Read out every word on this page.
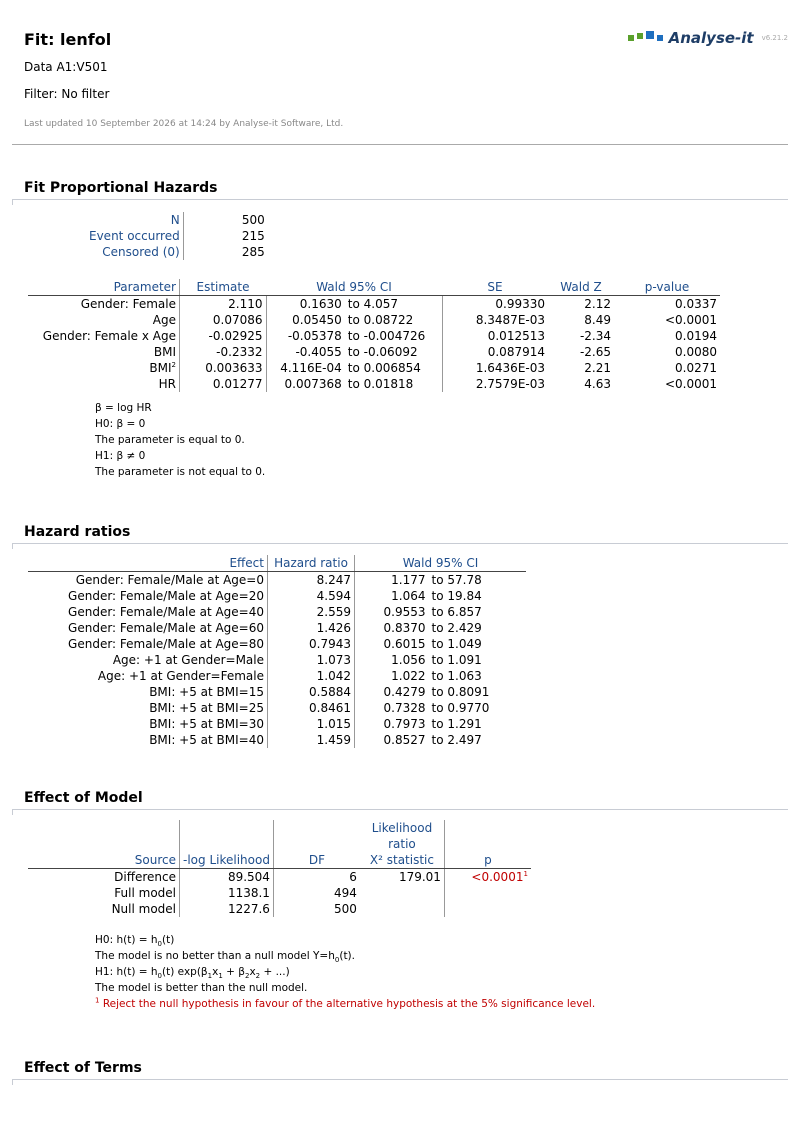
Fit: lenfol
Data A1:V501
Filter: No filter
Last updated 10 September 2026 at 14:24 by Analyse-it Software, Ltd.
Analyse-it v6.21.2
Fit Proportional Hazards
N	500
Event occurred	215
Censored (0)	285
Parameter	Estimate	Wald 95% CI		SE	Wald Z	p-value
Gender: Female	2.110	0.1630	to 4.057	0.99330	2.12	0.0337
Age	0.07086	0.05450	to 0.08722	8.3487E-03	8.49	<0.0001
Gender: Female x Age	-0.02925	-0.05378	to -0.004726	0.012513	-2.34	0.0194
BMI	-0.2332	-0.4055	to -0.06092	0.087914	-2.65	0.0080
BMI$^2$	0.003633	4.116E-04	to 0.006854	1.6436E-03	2.21	0.0271
HR	0.01277	0.007368	to 0.01818	2.7579E-03	4.63	<0.0001
β = log HR
H0: β = 0
The parameter is equal to 0.
H1: β ≠ 0
The parameter is not equal to 0.
Hazard ratios
Effect	Hazard ratio	Wald 95% CI	
Gender: Female/Male at Age=0	8.247	1.177	to 57.78
Gender: Female/Male at Age=20	4.594	1.064	to 19.84
Gender: Female/Male at Age=40	2.559	0.9553	to 6.857
Gender: Female/Male at Age=60	1.426	0.8370	to 2.429
Gender: Female/Male at Age=80	0.7943	0.6015	to 1.049
Age: +1 at Gender=Male	1.073	1.056	to 1.091
Age: +1 at Gender=Female	1.042	1.022	to 1.063
BMI: +5 at BMI=15	0.5884	0.4279	to 0.8091
BMI: +5 at BMI=25	0.8461	0.7328	to 0.9770
BMI: +5 at BMI=30	1.015	0.7973	to 1.291
BMI: +5 at BMI=40	1.459	0.8527	to 2.497
Effect of Model
			Likelihood	
			ratio	
Source	-log Likelihood	DF	X² statistic	p
Difference	89.504	6	179.01	$<0.0001^1$
Full model	1138.1	494		
Null model	1227.6	500		
H0: $h(t) = h_0(t)$
The model is no better than a null model $Y=h_0(t)$.
H1: $h(t) = h_0(t) \exp(\beta_1x_1 + \beta_2x_2$ + ...)
The model is better than the null model.
$^1$ Reject the null hypothesis in favour of the alternative hypothesis at the 5% significance level.
Effect of Terms
